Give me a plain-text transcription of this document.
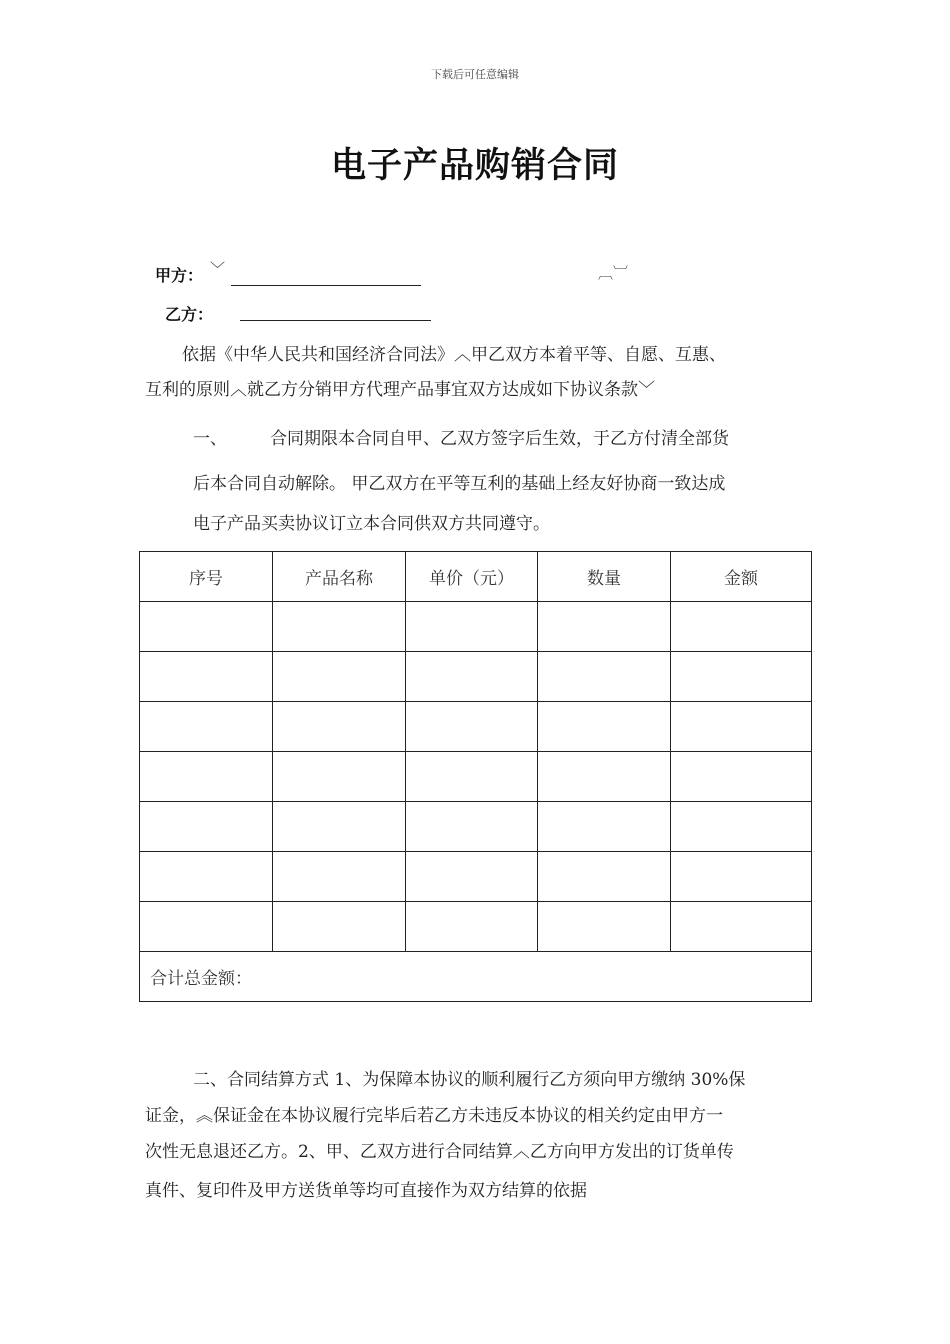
下载后可任意编辑
电子产品购销合同
甲方： ﹀	︹︺
乙方：
依据《中华人民共和国经济合同法》︿甲乙双方本着平等、自愿、互惠、
互利的原则︿就乙方分销甲方代理产品事宜双方达成如下协议条款﹀
一、	合同期限本合同自甲、乙双方签字后生效，于乙方付清全部货
后本合同自动解除。 甲乙双方在平等互利的基础上经友好协商一致达成
电子产品买卖协议订立本合同供双方共同遵守。
序号	产品名称	单价（元）	数量	金额

合计总金额：				
二、合同结算方式 1、为保障本协议的顺利履行乙方须向甲方缴纳 30%保
证金，︽保证金在本协议履行完毕后若乙方未违反本协议的相关约定由甲方一
次性无息退还乙方。2、甲、乙双方进行合同结算︿乙方向甲方发出的订货单传
真件、复印件及甲方送货单等均可直接作为双方结算的依据
